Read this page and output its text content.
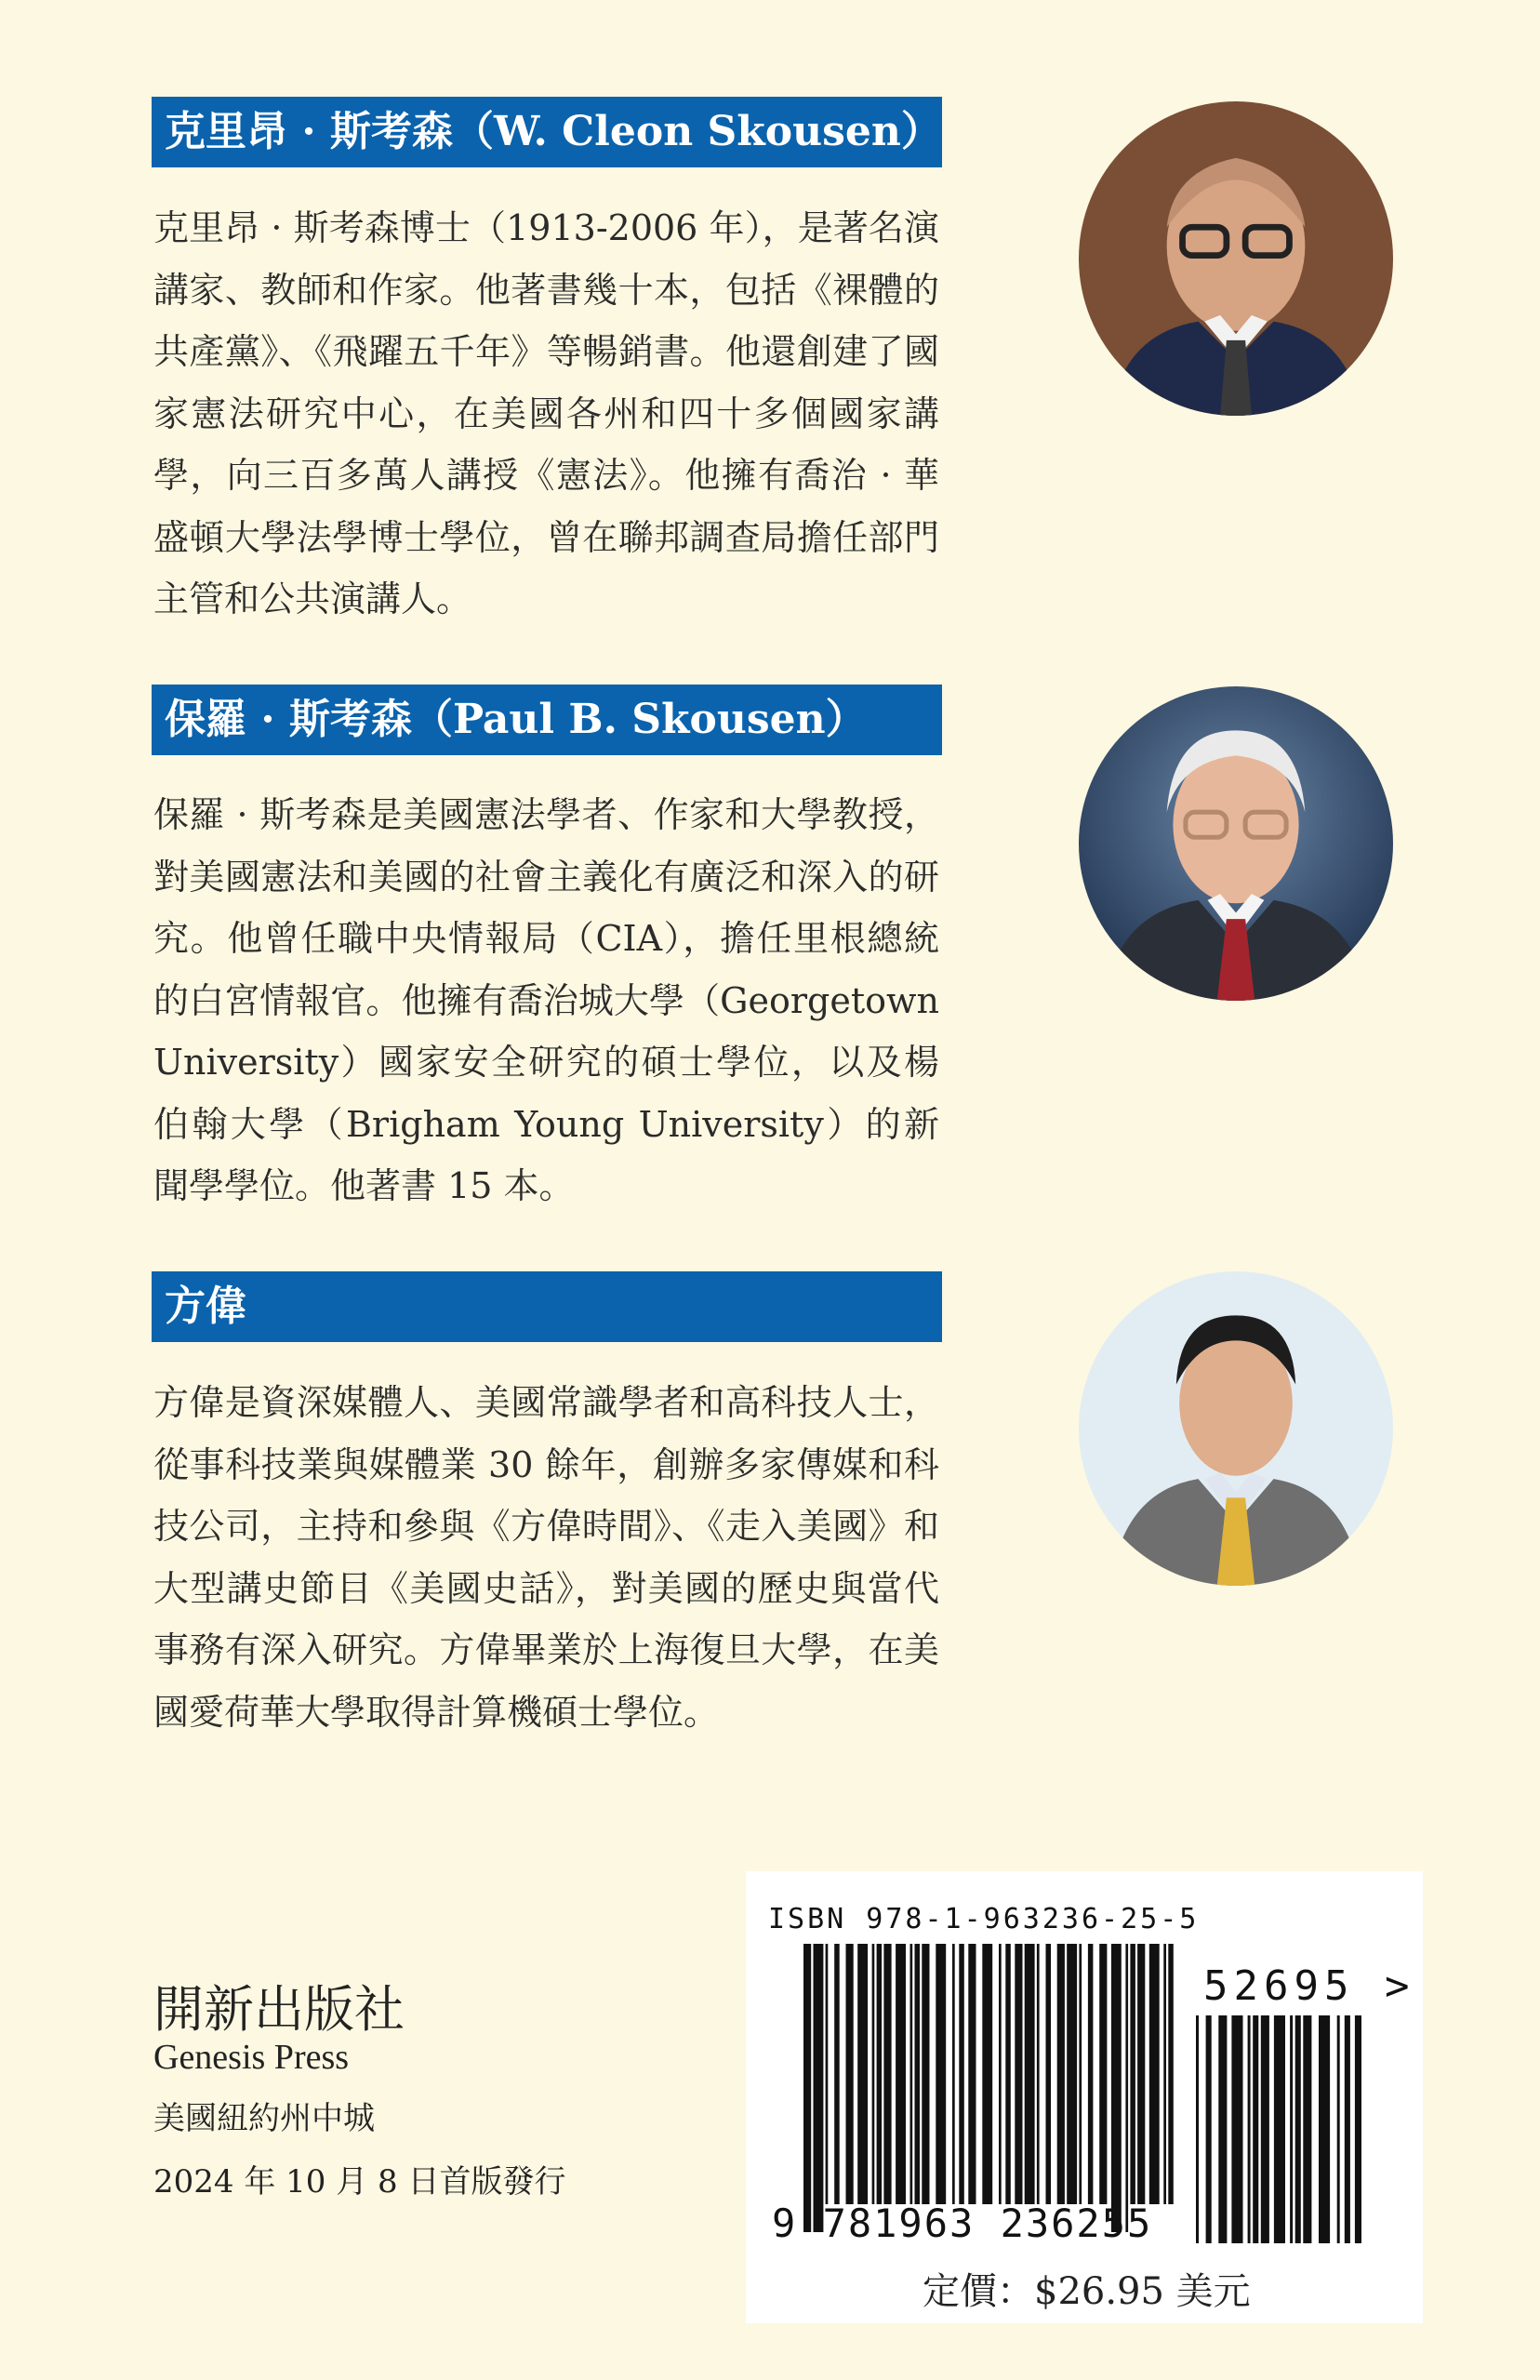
克里昂 · 斯考森（W. Cleon Skousen）

克里昂 · 斯考森博士（1913-2006 年），是著名演講家、教師和作家。他著書幾十本，包括《裸體的共產黨》、《飛躍五千年》等暢銷書。他還創建了國家憲法研究中心，在美國各州和四十多個國家講學，向三百多萬人講授《憲法》。他擁有喬治 · 華盛頓大學法學博士學位，曾在聯邦調查局擔任部門主管和公共演講人。

保羅 · 斯考森（Paul B. Skousen）

保羅 · 斯考森是美國憲法學者、作家和大學教授，對美國憲法和美國的社會主義化有廣泛和深入的研究。他曾任職中央情報局（CIA），擔任里根總統的白宮情報官。他擁有喬治城大學（Georgetown University）國家安全研究的碩士學位，以及楊伯翰大學（Brigham Young University）的新聞學學位。他著書 15 本。

方偉

方偉是資深媒體人、美國常識學者和高科技人士，從事科技業與媒體業 30 餘年，創辦多家傳媒和科技公司，主持和參與《方偉時間》、《走入美國》和大型講史節目《美國史話》，對美國的歷史與當代事務有深入研究。方偉畢業於上海復旦大學，在美國愛荷華大學取得計算機碩士學位。

開新出版社
Genesis Press
美國紐約州中城
2024 年 10 月 8 日首版發行
ISBN 978-1-963236-25-5
52695 >
9 781963 236255
定價：$26.95 美元
